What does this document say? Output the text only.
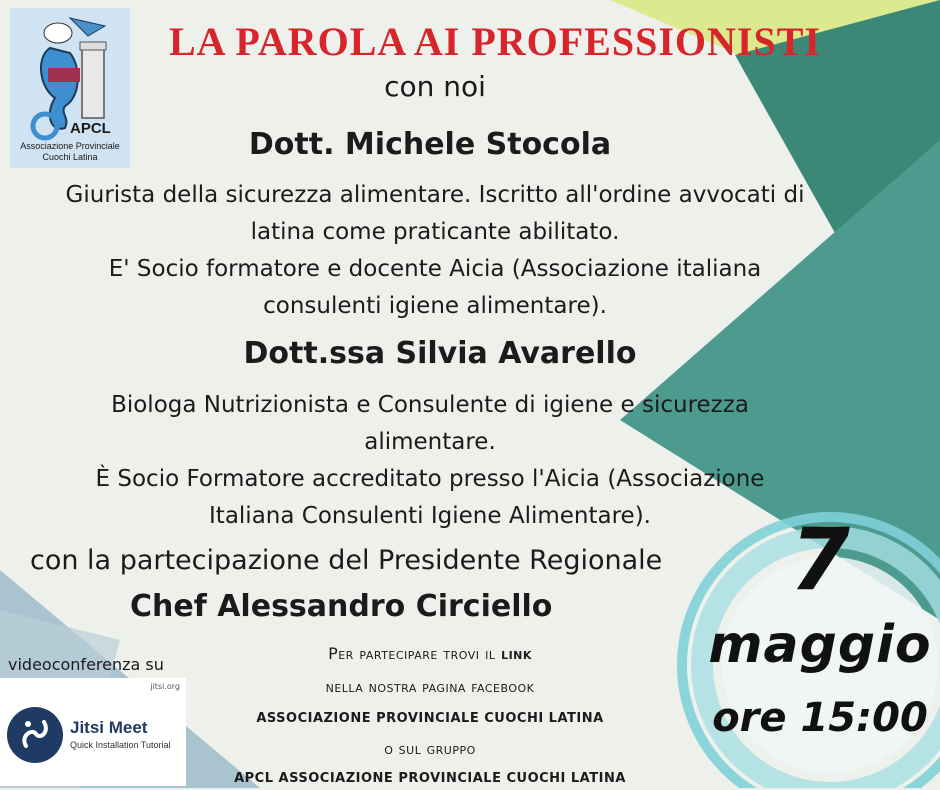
APCL
Associazione Provinciale
Cuochi Latina
LA PAROLA AI PROFESSIONISTI
con noi
Dott. Michele Stocola
Giurista della sicurezza alimentare. Iscritto all'ordine avvocati di
latina come praticante abilitato.
E' Socio formatore e docente Aicia (Associazione italiana
consulenti igiene alimentare).
Dott.ssa Silvia Avarello
Biologa Nutrizionista e Consulente di igiene e sicurezza
alimentare.
È Socio Formatore accreditato presso l'Aicia (Associazione
Italiana Consulenti Igiene Alimentare).
con la partecipazione del Presidente Regionale
Chef Alessandro Circiello
videoconferenza su
jitsi.org
Jitsi Meet
Quick Installation Tutorial
Per partecipare trovi il link
nella nostra pagina facebook
ASSOCIAZIONE PROVINCIALE CUOCHI LATINA
o sul gruppo
APCL ASSOCIAZIONE PROVINCIALE CUOCHI LATINA
7
maggio
ore 15:00
